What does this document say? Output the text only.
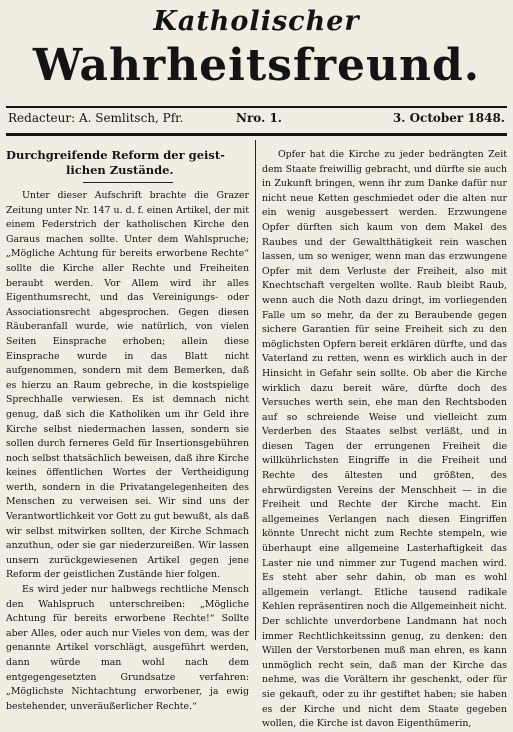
Katholischer
Wahrheitsfreund.
Redacteur: A. Semlitsch, Pfr.	Nro. 1.	3. October 1848.
Durchgreifende Reform der geist-
lichen Zustände.

Unter dieser Aufschrift brachte die Grazer Zeitung unter Nr. 147 u. d. f. einen Artikel, der mit einem Federstrich der katholischen Kirche den Garaus machen sollte. Unter dem Wahlspruche; „Mögliche Achtung für bereits erworbene Rechte“ sollte die Kirche aller Rechte und Freiheiten beraubt werden. Vor Allem wird ihr alles Eigenthumsrecht, und das Vereinigungs- oder Associationsrecht abgesprochen. Gegen diesen Räuberanfall wurde, wie natürlich, von vielen Seiten Einsprache erhoben; allein diese Einsprache wurde in das Blatt nicht aufgenommen, sondern mit dem Bemerken, daß es hierzu an Raum gebreche, in die kostspielige Sprechhalle verwiesen. Es ist demnach nicht genug, daß sich die Katholiken um ihr Geld ihre Kirche selbst niedermachen lassen, sondern sie sollen durch ferneres Geld für Insertionsgebühren noch selbst thatsächlich beweisen, daß ihre Kirche keines öffentlichen Wortes der Vertheidigung werth, sondern in die Privatangelegenheiten des Menschen zu verweisen sei. Wir sind uns der Verantwortlichkeit vor Gott zu gut bewußt, als daß wir selbst mitwirken sollten, der Kirche Schmach anzuthun, oder sie gar niederzureißen. Wir lassen unsern zurückgewiesenen Artikel gegen jene Reform der geistlichen Zustände hier folgen.

Es wird jeder nur halbwegs rechtliche Mensch den Wahlspruch unterschreiben: „Mögliche Achtung für bereits erworbene Rechte!“ Sollte aber Alles, oder auch nur Vieles von dem, was der genannte Artikel vorschlägt, ausgeführt werden, dann würde man wohl nach dem entgegengesetzten Grundsatze verfahren: „Möglichste Nichtachtung erworbener, ja ewig bestehender, unveräußerlicher Rechte.“

Opfer hat die Kirche zu jeder bedrängten Zeit dem Staate freiwillig gebracht, und dürfte sie auch in Zukunft bringen, wenn ihr zum Danke dafür nur nicht neue Ketten geschmiedet oder die alten nur ein wenig ausgebessert werden. Erzwungene Opfer dürften sich kaum von dem Makel des Raubes und der Gewaltthätigkeit rein waschen lassen, um so weniger, wenn man das erzwungene Opfer mit dem Verluste der Freiheit, also mit Knechtschaft vergelten wollte. Raub bleibt Raub, wenn auch die Noth dazu dringt, im vorliegenden Falle um so mehr, da der zu Beraubende gegen sichere Garantien für seine Freiheit sich zu den möglichsten Opfern bereit erklären dürfte, und das Vaterland zu retten, wenn es wirklich auch in der Hinsicht in Gefahr sein sollte. Ob aber die Kirche wirklich dazu bereit wäre, dürfte doch des Versuches werth sein, ehe man den Rechtsboden auf so schreiende Weise und vielleicht zum Verderben des Staates selbst verläßt, und in diesen Tagen der errungenen Freiheit die willkührlichsten Eingriffe in die Freiheit und Rechte des ältesten und größten, des ehrwürdigsten Vereins der Menschheit — in die Freiheit und Rechte der Kirche macht. Ein allgemeines Verlangen nach diesen Eingriffen könnte Unrecht nicht zum Rechte stempeln, wie überhaupt eine allgemeine Lasterhaftigkeit das Laster nie und nimmer zur Tugend machen wird. Es steht aber sehr dahin, ob man es wohl allgemein verlangt. Etliche tausend radikale Kehlen repräsentiren noch die Allgemeinheit nicht. Der schlichte unverdorbene Landmann hat noch immer Rechtlichkeitssinn genug, zu denken: den Willen der Verstorbenen muß man ehren, es kann unmöglich recht sein, daß man der Kirche das nehme, was die Vorältern ihr geschenkt, oder für sie gekauft, oder zu ihr gestiftet haben; sie haben es der Kirche und nicht dem Staate gegeben wollen, die Kirche ist davon Eigenthümerin,
